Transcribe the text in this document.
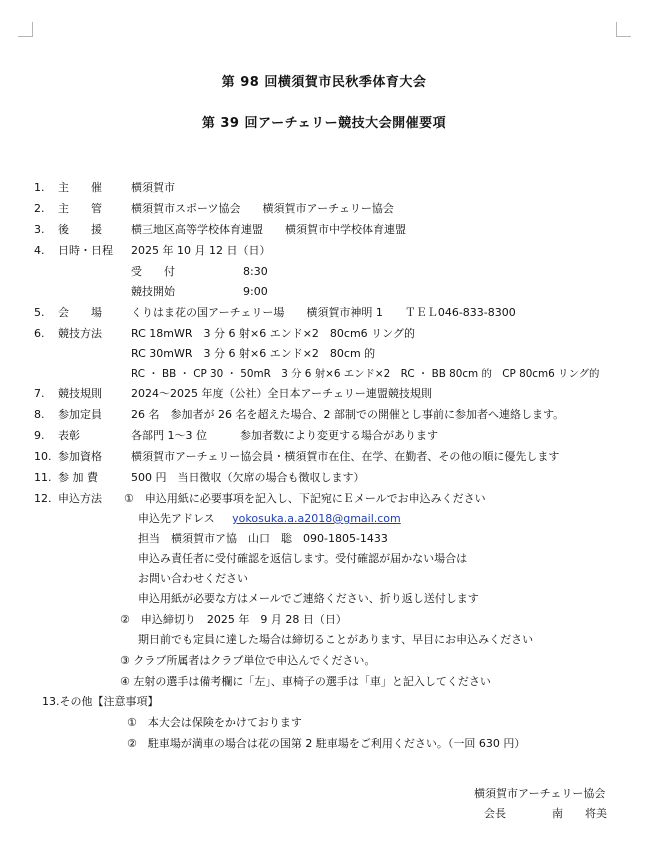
第 98 回横須賀市民秋季体育大会
第 39 回アーチェリー競技大会開催要項
1. 主　　催	横須賀市
2. 主　　管	横須賀市スポーツ協会　　横須賀市アーチェリー協会
3. 後　　援	横三地区高等学校体育連盟　　横須賀市中学校体育連盟
4. 日時・日程 2025 年 10 月 12 日（日）
受　　付	8:30
競技開始	9:00
5. 会　　場	くりはま花の国アーチェリー場　　横須賀市神明 1　　ＴＥＬ046-833-8300
6. 競技方法	RC 18mWR　3 分 6 射×6 エンド×2　80cm6 リング的
RC 30mWR　3 分 6 射×6 エンド×2　80cm 的
RC ・ BB ・ CP 30 ・ 50mR　3 分 6 射×6 エンド×2　RC ・ BB 80cm 的　CP 80cm6 リング的
7. 競技規則	2024～2025 年度（公社）全日本アーチェリー連盟競技規則
8. 参加定員	26 名　参加者が 26 名を超えた場合、2 部制での開催とし事前に参加者へ連絡します。
9. 表彰	各部門 1～3 位　　　参加者数により変更する場合があります
10. 参加資格	横須賀市アーチェリー協会員・横須賀市在住、在学、在勤者、その他の順に優先します
11. 参 加 費	500 円　当日徴収（欠席の場合も徴収します）
12. 申込方法 ①　申込用紙に必要事項を記入し、下記宛にＥメールでお申込みください
申込先アドレス yokosuka.a.a2018@gmail.com
担当　横須賀市ア協　山口　聡　090-1805-1433
申込み責任者に受付確認を返信します。受付確認が届かない場合は
お問い合わせください
申込用紙が必要な方はメールでご連絡ください、折り返し送付します
②　申込締切り　2025 年　9 月 28 日（日）
期日前でも定員に達した場合は締切ることがあります、早目にお申込みください
③ クラブ所属者はクラブ単位で申込んでください。
④ 左射の選手は備考欄に「左」、車椅子の選手は「車」と記入してください
13.その他【注意事項】
①　本大会は保険をかけております
②　駐車場が満車の場合は花の国第 2 駐車場をご利用ください。（一回 630 円）
横須賀市アーチェリー協会
会長	南　　将美
